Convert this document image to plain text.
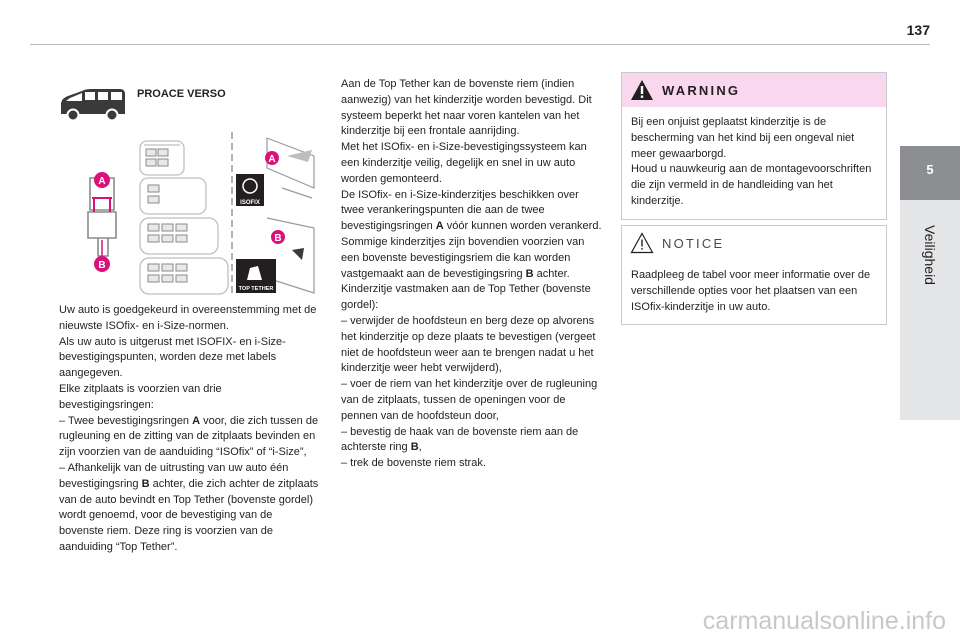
137
5
Veiligheid
PROACE VERSO
A
B
A
B
ISOFIX
TOP TETHER

Uw auto is goedgekeurd in overeenstemming met de nieuwste ISOfix- en i-Size-normen.

Als uw auto is uitgerust met ISOFIX- en i-Size-bevestigingspunten, worden deze met labels aangegeven.

Elke zitplaats is voorzien van drie bevestigingsringen:

– Twee bevestigingsringen A voor, die zich tussen de rugleuning en de zitting van de zitplaats bevinden en zijn voorzien van de aanduiding “ISOfix” of “i-Size”,

– Afhankelijk van de uitrusting van uw auto één bevestigingsring B achter, die zich achter de zitplaats van de auto bevindt en Top Tether (bovenste gordel) wordt genoemd, voor de bevestiging van de bovenste riem. Deze ring is voorzien van de aanduiding “Top Tether”.

Aan de Top Tether kan de bovenste riem (indien aanwezig) van het kinderzitje worden bevestigd. Dit systeem beperkt het naar voren kantelen van het kinderzitje bij een frontale aanrijding.

Met het ISOfix- en i-Size-bevestigingssysteem kan een kinderzitje veilig, degelijk en snel in uw auto worden gemonteerd.

De ISOfix- en i-Size-kinderzitjes beschikken over twee verankeringspunten die aan de twee bevestigingsringen A vóór kunnen worden verankerd.

Sommige kinderzitjes zijn bovendien voorzien van een bovenste bevestigingsriem die kan worden vastgemaakt aan de bevestigingsring B achter.

Kinderzitje vastmaken aan de Top Tether (bovenste gordel):

– verwijder de hoofdsteun en berg deze op alvorens het kinderzitje op deze plaats te bevestigen (vergeet niet de hoofdsteun weer aan te brengen nadat u het kinderzitje weer hebt verwijderd),

– voer de riem van het kinderzitje over de rugleuning van de zitplaats, tussen de openingen voor de pennen van de hoofdsteun door,

– bevestig de haak van de bovenste riem aan de achterste ring B,

– trek de bovenste riem strak.

WARNING

Bij een onjuist geplaatst kinderzitje is de bescherming van het kind bij een ongeval niet meer gewaarborgd.

Houd u nauwkeurig aan de montagevoorschriften die zijn vermeld in de handleiding van het kinderzitje.

NOTICE

Raadpleeg de tabel voor meer informatie over de verschillende opties voor het plaatsen van een ISOfix-kinderzitje in uw auto.

carmanualsonline.info
